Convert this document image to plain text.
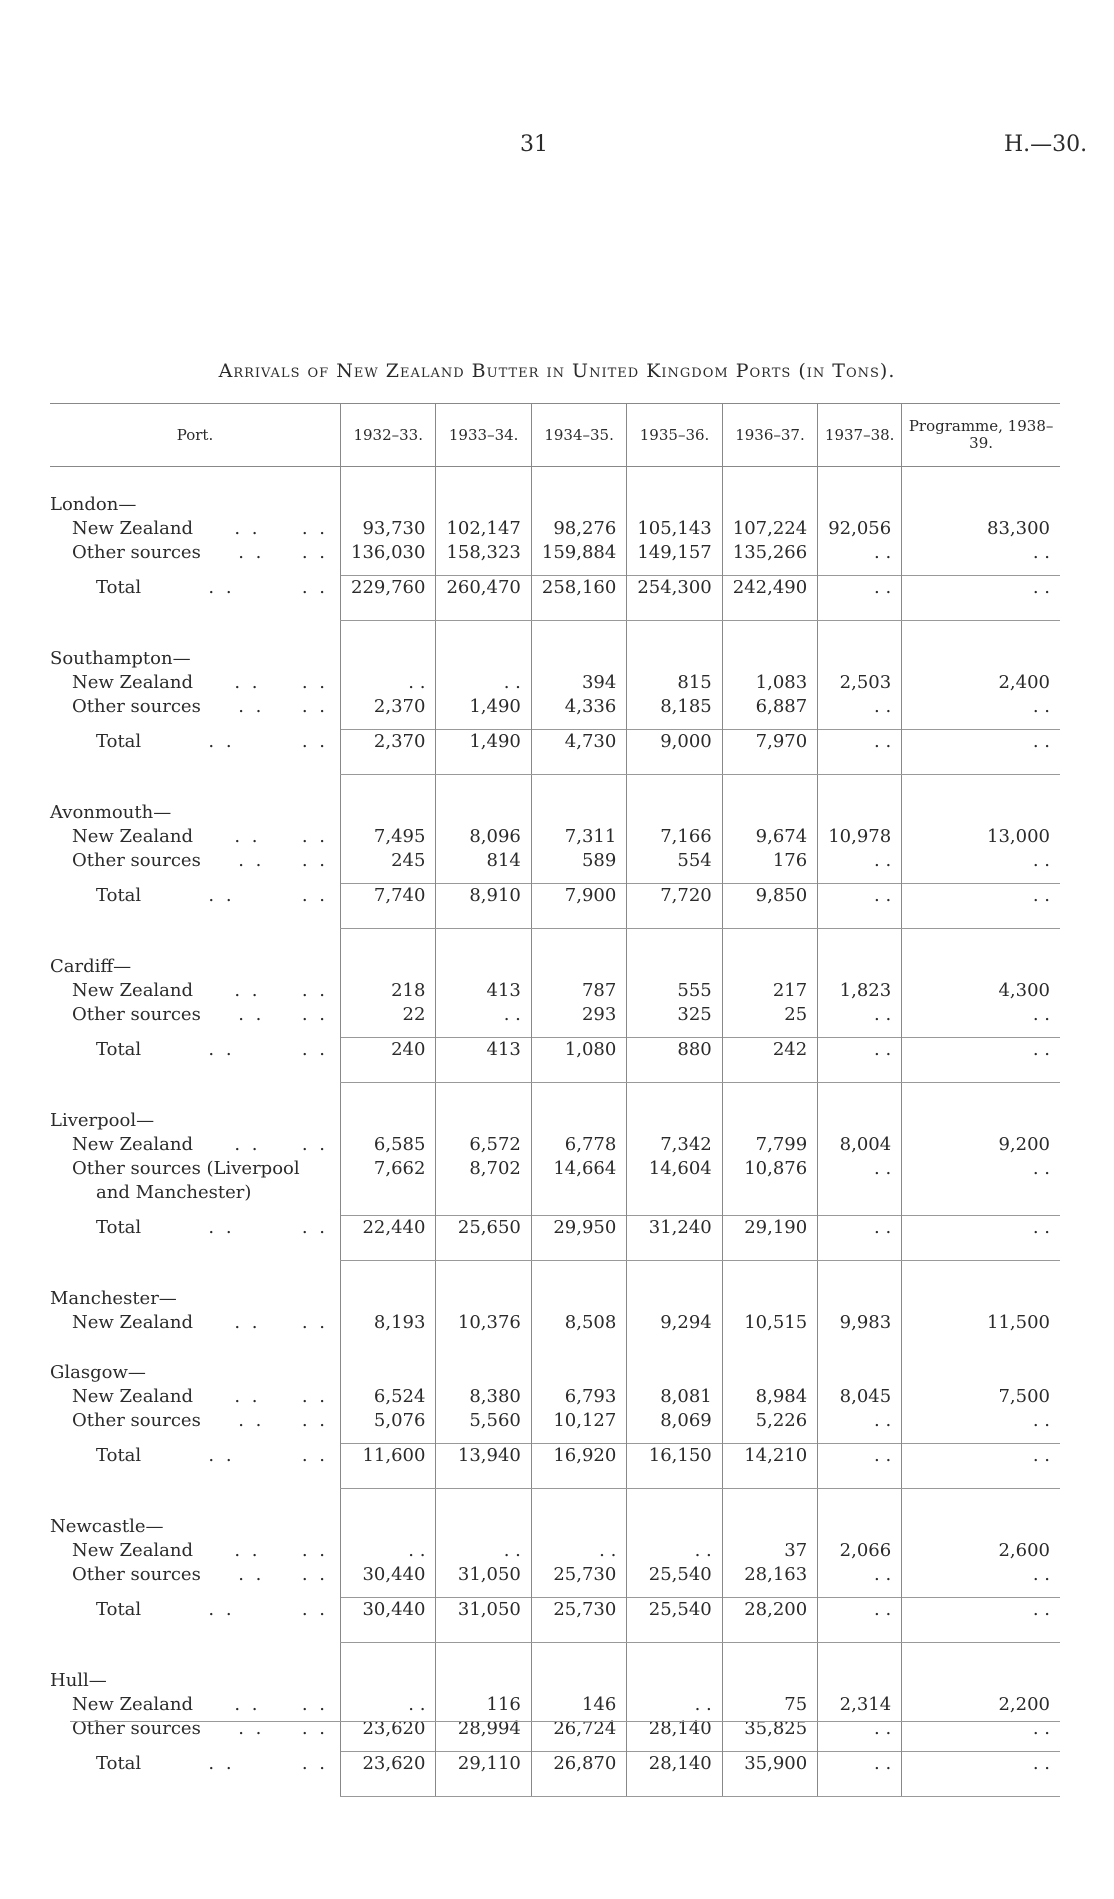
31	H.—30.
Arrivals of New Zealand Butter in United Kingdom Ports (in Tons).
Port.	1932–33.	1933–34.	1934–35.	1935–36.	1936–37.	1937–38.	Programme, 1938–39.

London—							

New Zealand . . . .	93,730	102,147	98,276	105,143	107,224	92,056	83,300

Other sources . . . .	136,030	158,323	159,884	149,157	135,266	. .	. .

Total . . . .	229,760	260,470	258,160	254,300	242,490	. .	. .

Southampton—							

New Zealand . . . .	. .	. .	394	815	1,083	2,503	2,400

Other sources . . . .	2,370	1,490	4,336	8,185	6,887	. .	. .

Total . . . .	2,370	1,490	4,730	9,000	7,970	. .	. .

Avonmouth—							

New Zealand . . . .	7,495	8,096	7,311	7,166	9,674	10,978	13,000

Other sources . . . .	245	814	589	554	176	. .	. .

Total . . . .	7,740	8,910	7,900	7,720	9,850	. .	. .

Cardiff—							

New Zealand . . . .	218	413	787	555	217	1,823	4,300

Other sources . . . .	22	. .	293	325	25	. .	. .

Total . . . .	240	413	1,080	880	242	. .	. .

Liverpool—							

New Zealand . . . .	6,585	6,572	6,778	7,342	7,799	8,004	9,200

Other sources (Liverpool
and Manchester)	7,662	8,702	14,664	14,604	10,876	. .	. .

Total . . . .	22,440	25,650	29,950	31,240	29,190	. .	. .

Manchester—							

New Zealand . . . .	8,193	10,376	8,508	9,294	10,515	9,983	11,500

Glasgow—							

New Zealand . . . .	6,524	8,380	6,793	8,081	8,984	8,045	7,500

Other sources . . . .	5,076	5,560	10,127	8,069	5,226	. .	. .

Total . . . .	11,600	13,940	16,920	16,150	14,210	. .	. .

Newcastle—							

New Zealand . . . .	. .	. .	. .	. .	37	2,066	2,600

Other sources . . . .	30,440	31,050	25,730	25,540	28,163	. .	. .

Total . . . .	30,440	31,050	25,730	25,540	28,200	. .	. .

Hull—							

New Zealand . . . .	. .	116	146	. .	75	2,314	2,200

Other sources . . . .	23,620	28,994	26,724	28,140	35,825	. .	. .

Total . . . .	23,620	29,110	26,870	28,140	35,900	. .	. .
